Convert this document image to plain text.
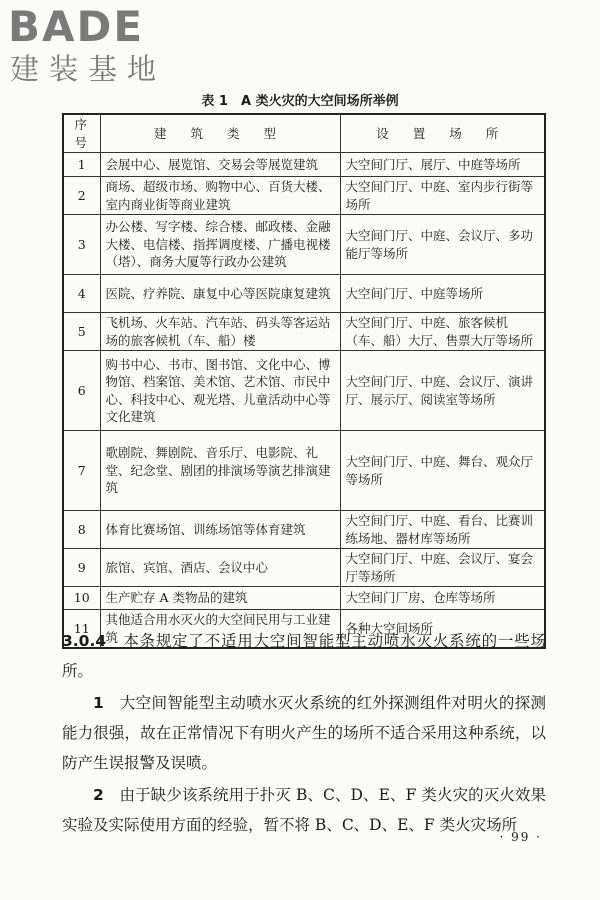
BADE
建装基地
表 1　A 类火灾的大空间场所举例
序号	建 筑 类 型	设 置 场 所
1	会展中心、展览馆、交易会等展览建筑	大空间门厅、展厅、中庭等场所
2	商场、超级市场、购物中心、百货大楼、室内商业街等商业建筑	大空间门厅、中庭、室内步行街等场所
3	办公楼、写字楼、综合楼、邮政楼、金融大楼、电信楼、指挥调度楼、广播电视楼（塔）、商务大厦等行政办公建筑	大空间门厅、中庭、会议厅、多功能厅等场所
4	医院、疗养院、康复中心等医院康复建筑	大空间门厅、中庭等场所
5	飞机场、火车站、汽车站、码头等客运站场的旅客候机（车、船）楼	大空间门厅、中庭、旅客候机（车、船）大厅、售票大厅等场所
6	购书中心、书市、图书馆、文化中心、博物馆、档案馆、美术馆、艺术馆、市民中心、科技中心、观光塔、儿童活动中心等文化建筑	大空间门厅、中庭、会议厅、演讲厅、展示厅、阅读室等场所
7	歌剧院、舞剧院、音乐厅、电影院、礼堂、纪念堂、剧团的排演场等演艺排演建筑	大空间门厅、中庭、舞台、观众厅等场所
8	体育比赛场馆、训练场馆等体育建筑	大空间门厅、中庭、看台、比赛训练场地、器材库等场所
9	旅馆、宾馆、酒店、会议中心	大空间门厅、中庭、会议厅、宴会厅等场所
10	生产贮存 A 类物品的建筑	大空间门厂房、仓库等场所
11	其他适合用水灭火的大空间民用与工业建筑	各种大空间场所
3.0.4　 本条规定了不适用大空间智能型主动喷水灭火系统的一些场所。
1　 大空间智能型主动喷水灭火系统的红外探测组件对明火的探测能力很强，故在正常情况下有明火产生的场所不适合采用这种系统，以防产生误报警及误喷。
2　 由于缺少该系统用于扑灭 B、C、D、E、F 类火灾的灭火效果实验及实际使用方面的经验，暂不将 B、C、D、E、F 类火灾场所
· 99 ·
